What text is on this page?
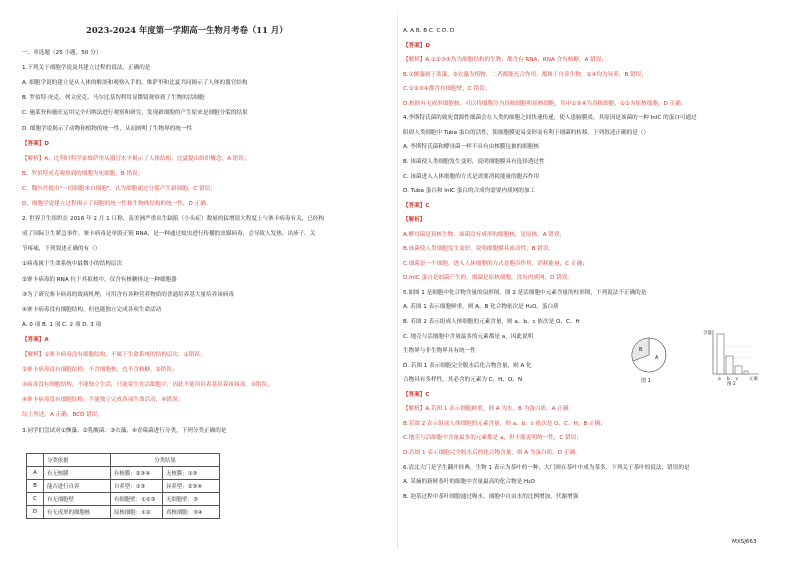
2023-2024 年度第一学期高一生物月考卷（11 月）
一、单选题（25 小题，50 分）
1.下列关于细胞学说及其建立过程的说法，正确的是
A. 细胞学说的建立是从人体的解剖和观察入手的，维萨里和比夏共同揭示了人体的器官结构
B. 罗伯特·虎克、列文虎克、马尔比基均利用显微镜观察到了生物的活细胞
C. 施莱登和施旺运用完全归纳法进行观察和研究，发现新细胞的产生原来是细胞分裂的结果
D. 细胞学说揭示了动物和植物的统一性，从而阐明了生物界的统一性
【答案】D
【解析】A、比利时科学家维萨里从器官水平揭示了人体结构，比夏提出组织概念，A 错误；
B、罗伯特虎克观察到的细胞为死细胞，B 错误；
C、魏尔肖提出"一切细胞来自细胞"，认为细胞通过分裂产生新细胞，C 错误；
D、细胞学说建立过程揭示了细胞的统一性和生物体结构的统一性，D 正确。
2. 世界卫生组织在 2016 年 2 月 1 日称，南美洲严重出生缺陷（小头症）数量的猛增很大程度上与寨卡病毒有关，已经构
成了国际卫生紧急事件。寨卡病毒是单股正链 RNA，是一种通过蚊虫进行传播的虫媒病毒，会导致人发热、出疹子、关
节疼痛，下列叙述正确的有（）
①病毒属于生命系统中最微小的结构层次
②寨卡病毒的 RNA 位于其拟核中，仅含有核糖体这一种细胞器
③为了研究寨卡病毒的致病机理，可用含有各种营养物质的普通培养基大量培养该病毒
④寨卡病毒没有细胞结构，但也能独立完成各项生命活动
A. 0 项 B. 1 项 C. 2 项 D. 3 项
【答案】A
【解析】①寨卡病毒没有细胞结构，不属于生命系统的结构层次，①错误；
②寨卡病毒没有细胞结构，不含细胞核，也不含核糖，②错误；
③病毒没有细胞结构，不能独立生活，只能寄生在活细胞中，因此不能用培养基培养该病毒，③错误；
④寨卡病毒没有细胞结构，不能独立完成各项生命活动，④错误；
综上所述，A 正确，BCD 错误。
3.同学们尝试对①颤藻、②乳酸菌、③衣藻、④青霉菌进行分类，下列分类正确的是
	分类依据	分类结果	
A	有无核膜	有核膜：②③④	无核膜：①③
B	能否进行自养	自养型：①③	异养型：②③④
C	有无细胞壁	有细胞壁：①②③	无细胞壁：③
D	有无成形的细胞核	原核细胞：①②	真核细胞：③④
A. A B. B C. C D. D
【答案】D
【解析】A.①②③④均为细胞结构的生物，都含有 RNA，RNA 含有核糖，A 错误；
B.①颤藻属于蓝藻，③衣藻为植物，二者都能光合作用，都属于自养生物，②④均为异养，B 错误；
C.①②③④都含有细胞壁，C 错误；
D.根据有无成形细胞核，可以将细胞分为真核细胞和原核细胞，其中①③④为真核细胞，①②为原核细胞，D 正确。
4.李斯特氏菌的致死食源性细菌会在人类的细胞之间快速传递，使人患脑膜炎。其原因是该菌的一种 InlC 的蛋白可通过
阻碍人类细胞中 Tuba 蛋白的活性，使细胞膜更易变形而有利于细菌的转移。下列叙述正确的是（）
A. 李斯特氏菌和酵母菌一样不具有由核膜包被的细胞核
B. 该菌使人类细胞发生变形，说明细胞膜具有选择透过性
C. 该菌进入人体细胞的方式是需要消耗能量的胞吞作用
D. Tuba 蛋白和 InlC 蛋白的合成均需要内质网的加工
【答案】C
【解析】
A.酵母菌是真核生物，该菌没有成形的细胞核，是原核，A 错误；
B.该菌使人类细胞发生变形，说明细胞膜具流动性，B 错误；
C.细菌是一个细胞，进入人体细胞的方式是胞吞作用，消耗能量，C 正确；
D.InlC 蛋白是细菌产生的，细菌是原核细胞，没有内质网，D 错误。
5.如图 1 是细胞中化合物含量的扇形图，图 2 是活细胞中元素含量的柱形图，下列说法不正确的是
A. 若图 1 表示细胞鲜重，则 A、B 化合物依次是 H₂O、蛋白质
B. 若图 2 表示组成人体细胞的元素含量，则 a、b、c 依次是 O、C、H
C. 地壳与活细胞中含量最多的元素都是 a，因此说明
生物界与非生物界具有统一性
D. 若图 1 表示细胞完全脱水后化合物含量，则 A 化
合物具有多样性，其必含的元素为 C、H、O、N
【答案】C
【解析】A.若图 1 表示细胞鲜重，则 A 为水，B 为蛋白质，A 正确；
B.若图 2 表示组成人体细胞的元素含量，则 a、b、c 依次是 O、C、H，B 正确；
C.地壳与活细胞中含量最多的元素都是 a，但不能说明统一性，C 错误；
D.若图 1 表示细胞完全脱水后的化合物含量，则 A 为蛋白质，D 正确。
6.清北大门是学生翻开经典，生物 1 表示为茶叶的一种，大门困在茶叶中成为茶多，下列关于茶叶的说法，错误的是
A. 采摘的新鲜茶叶的细胞中含量最高的化合物是 H₂O
B. 泡茶过程中茶叶细胞通过吸水，细胞中自由水的比例增加，代谢增强
A
B
图 1	a b c 元素
含量
图 2
MXSJ663
